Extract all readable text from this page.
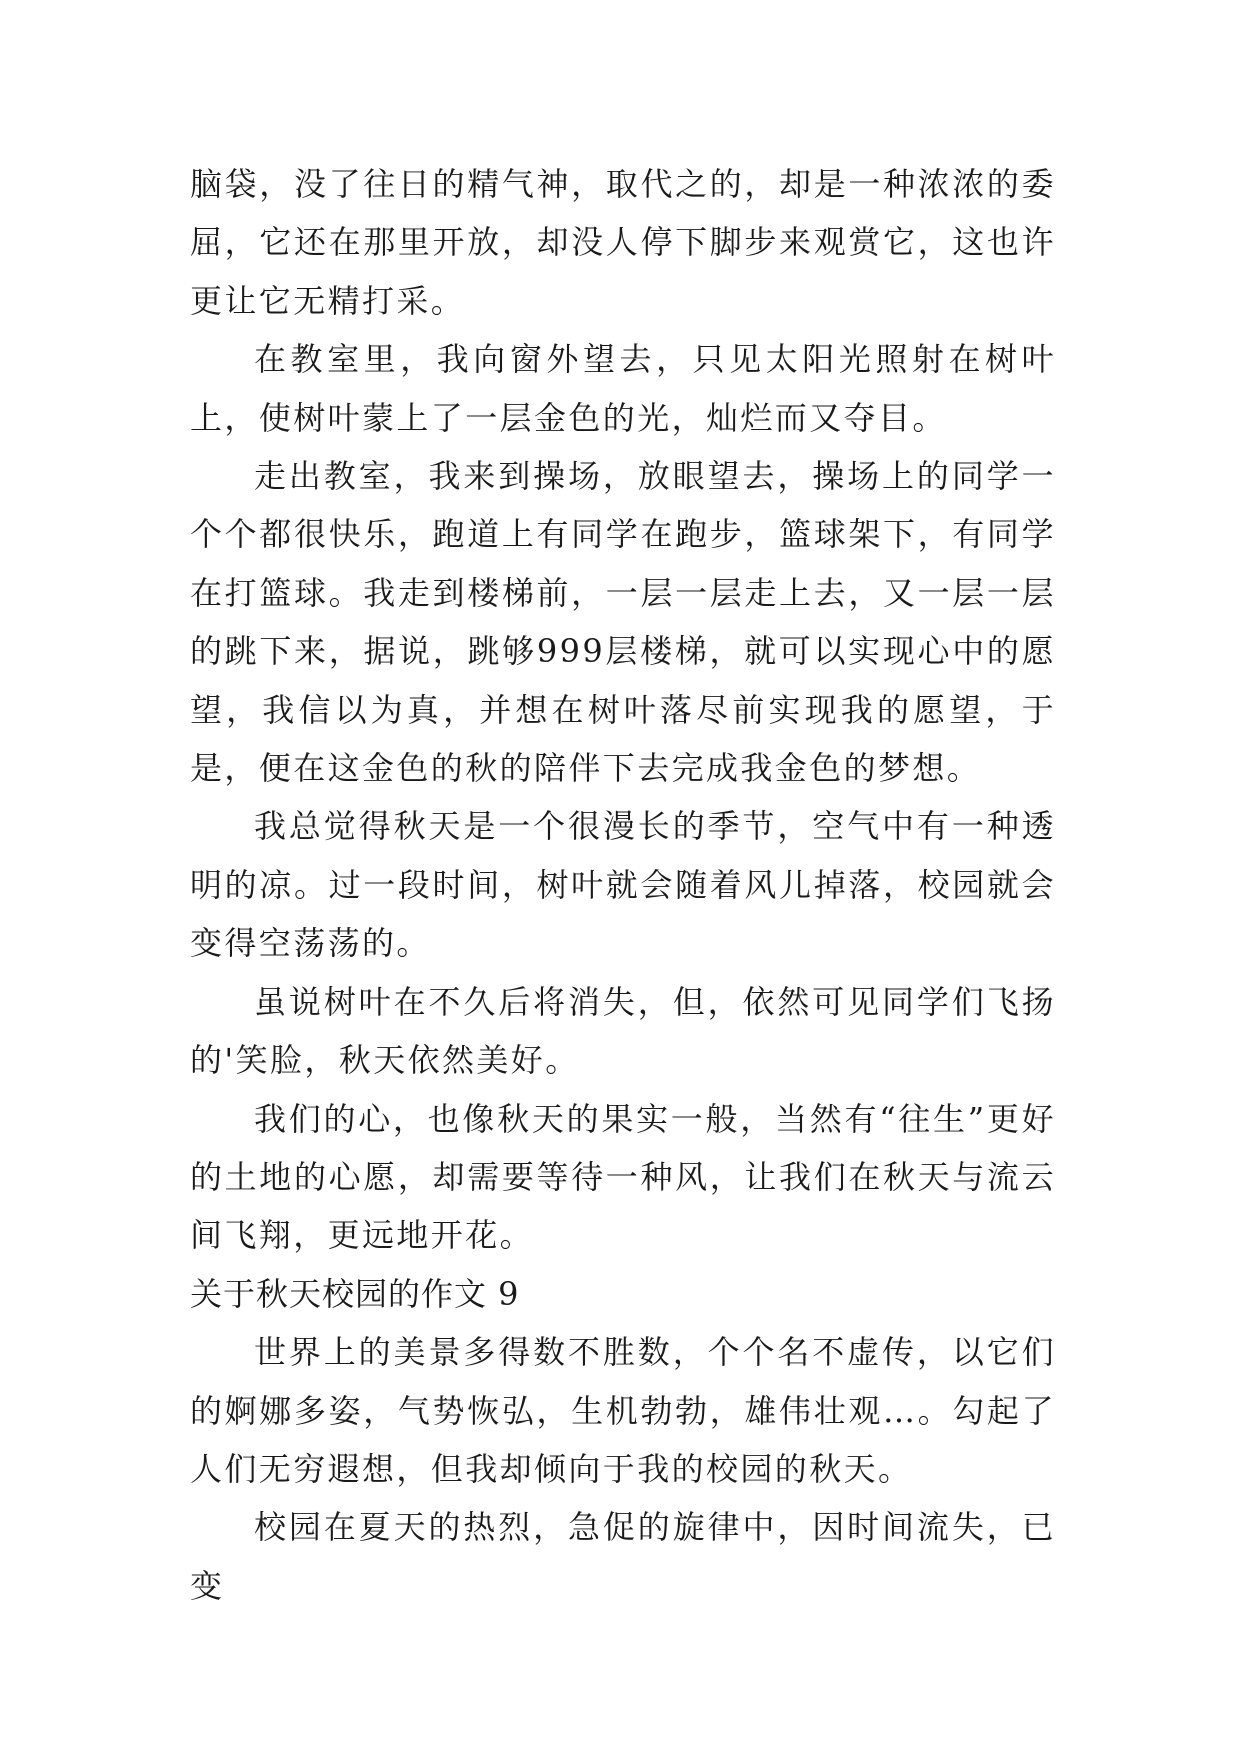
脑袋，没了往日的精气神，取代之的，却是一种浓浓的委屈，它还在那里开放，却没人停下脚步来观赏它，这也许更让它无精打采。

在教室里，我向窗外望去，只见太阳光照射在树叶上，使树叶蒙上了一层金色的光，灿烂而又夺目。

走出教室，我来到操场，放眼望去，操场上的同学一个个都很快乐，跑道上有同学在跑步，篮球架下，有同学在打篮球。我走到楼梯前，一层一层走上去，又一层一层的跳下来，据说，跳够999层楼梯，就可以实现心中的愿望，我信以为真，并想在树叶落尽前实现我的愿望，于是，便在这金色的秋的陪伴下去完成我金色的梦想。

我总觉得秋天是一个很漫长的季节，空气中有一种透明的凉。过一段时间，树叶就会随着风儿掉落，校园就会变得空荡荡的。

虽说树叶在不久后将消失，但，依然可见同学们飞扬的'笑脸，秋天依然美好。

我们的心，也像秋天的果实一般，当然有“往生”更好的土地的心愿，却需要等待一种风，让我们在秋天与流云间飞翔，更远地开花。

关于秋天校园的作文 9

世界上的美景多得数不胜数，个个名不虚传，以它们的婀娜多姿，气势恢弘，生机勃勃，雄伟壮观…。勾起了人们无穷遐想，但我却倾向于我的校园的秋天。

校园在夏天的热烈，急促的旋律中，因时间流失，已变
